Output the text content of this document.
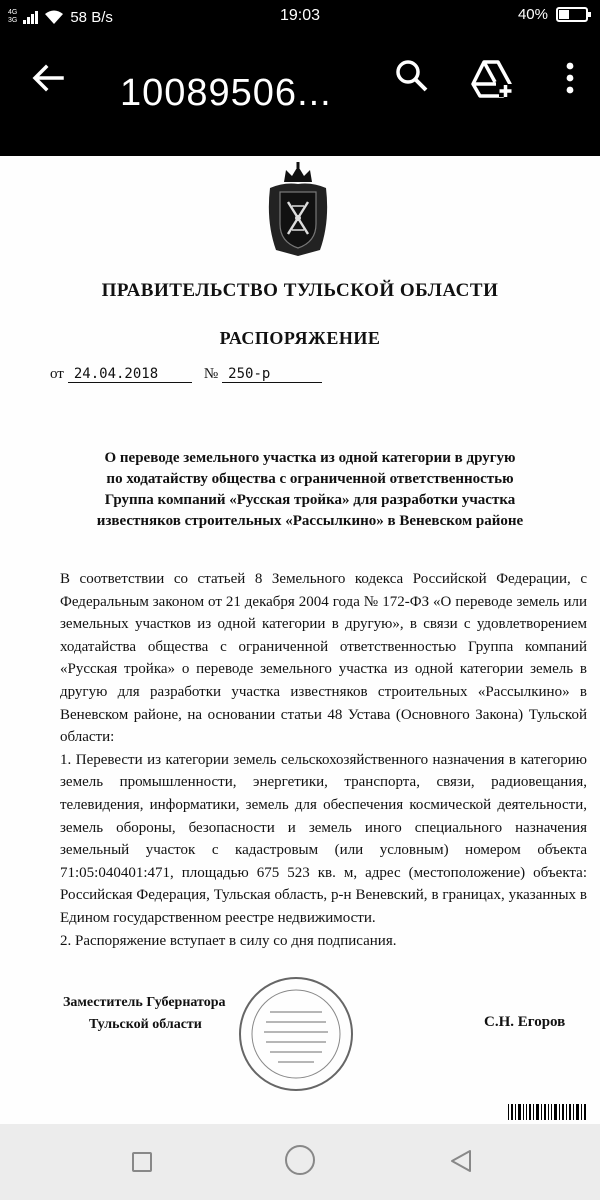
4G
3G	58 B/s	19:03	40%
10089506...
ПРАВИТЕЛЬСТВО ТУЛЬСКОЙ ОБЛАСТИ
РАСПОРЯЖЕНИЕ
от 24.04.2018	№ 250-р
О переводе земельного участка из одной категории в другую
по ходатайству общества с ограниченной ответственностью
Группа компаний «Русская тройка» для разработки участка
известняков строительных «Рассылкино» в Веневском районе

В соответствии со статьей 8 Земельного кодекса Российской Федерации, с Федеральным законом от 21 декабря 2004 года № 172-ФЗ «О переводе земель или земельных участков из одной категории в другую», в связи с удовлетворением ходатайства общества с ограниченной ответственностью Группа компаний «Русская тройка» о переводе земельного участка из одной категории земель в другую для разработки участка известняков строительных «Рассылкино» в Веневском районе, на основании статьи 48 Устава (Основного Закона) Тульской области:

1. Перевести из категории земель сельскохозяйственного назначения в категорию земель промышленности, энергетики, транспорта, связи, радиовещания, телевидения, информатики, земель для обеспечения космической деятельности, земель обороны, безопасности и земель иного специального назначения земельный участок с кадастровым (или условным) номером объекта 71:05:040401:471, площадью 675 523 кв. м, адрес (местоположение) объекта: Российская Федерация, Тульская область, р-н Веневский, в границах, указанных в Едином государственном реестре недвижимости.

2. Распоряжение вступает в силу со дня подписания.

Заместитель Губернатора
Тульской области	С.Н. Егоров
